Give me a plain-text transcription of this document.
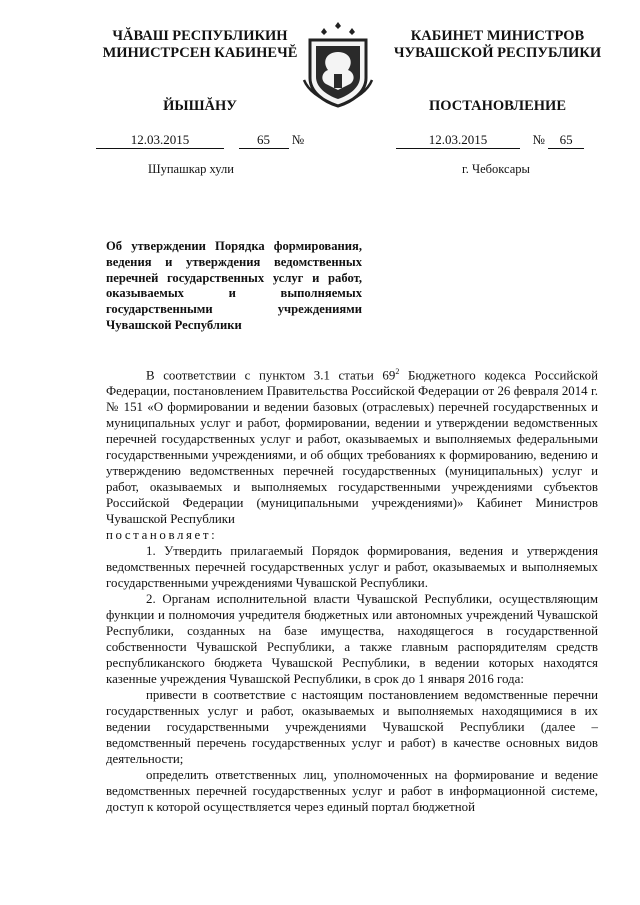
ЧĂВАШ РЕСПУБЛИКИН
МИНИСТРСЕН КАБИНЕЧĔ
ЙЫШĂНУ
КАБИНЕТ МИНИСТРОВ
ЧУВАШСКОЙ РЕСПУБЛИКИ
ПОСТАНОВЛЕНИЕ
12.03.2015	65 №	12.03.2015	№ 65
Шупашкар хули	г. Чебоксары
Об утверждении Порядка формирования, ведения и утверждения ведомственных перечней государственных услуг и работ, оказываемых и выполняемых государственными учреждениями Чувашской Республики

В соответствии с пунктом 3.1 статьи $69^2$ Бюджетного кодекса Российской Федерации, постановлением Правительства Российской Федерации от 26 февраля 2014 г. № 151 «О формировании и ведении базовых (отраслевых) перечней государственных и муниципальных услуг и работ, формировании, ведении и утверждении ведомственных перечней государственных услуг и работ, оказываемых и выполняемых федеральными государственными учреждениями, и об общих требованиях к формированию, ведению и утверждению ведомственных перечней государственных (муниципальных) услуг и работ, оказываемых и выполняемых государственными учреждениями субъектов Российской Федерации (муниципальными учреждениями)» Кабинет Министров Чувашской Республики

постановляет:

1. Утвердить прилагаемый Порядок формирования, ведения и утверждения ведомственных перечней государственных услуг и работ, оказываемых и выполняемых государственными учреждениями Чувашской Республики.

2. Органам исполнительной власти Чувашской Республики, осуществляющим функции и полномочия учредителя бюджетных или автономных учреждений Чувашской Республики, созданных на базе имущества, находящегося в государственной собственности Чувашской Республики, а также главным распорядителям средств республиканского бюджета Чувашской Республики, в ведении которых находятся казенные учреждения Чувашской Республики, в срок до 1 января 2016 года:

привести в соответствие с настоящим постановлением ведомственные перечни государственных услуг и работ, оказываемых и выполняемых находящимися в их ведении государственными учреждениями Чувашской Республики (далее – ведомственный перечень государственных услуг и работ) в качестве основных видов деятельности;

определить ответственных лиц, уполномоченных на формирование и ведение ведомственных перечней государственных услуг и работ в информационной системе, доступ к которой осуществляется через единый портал бюджетной
